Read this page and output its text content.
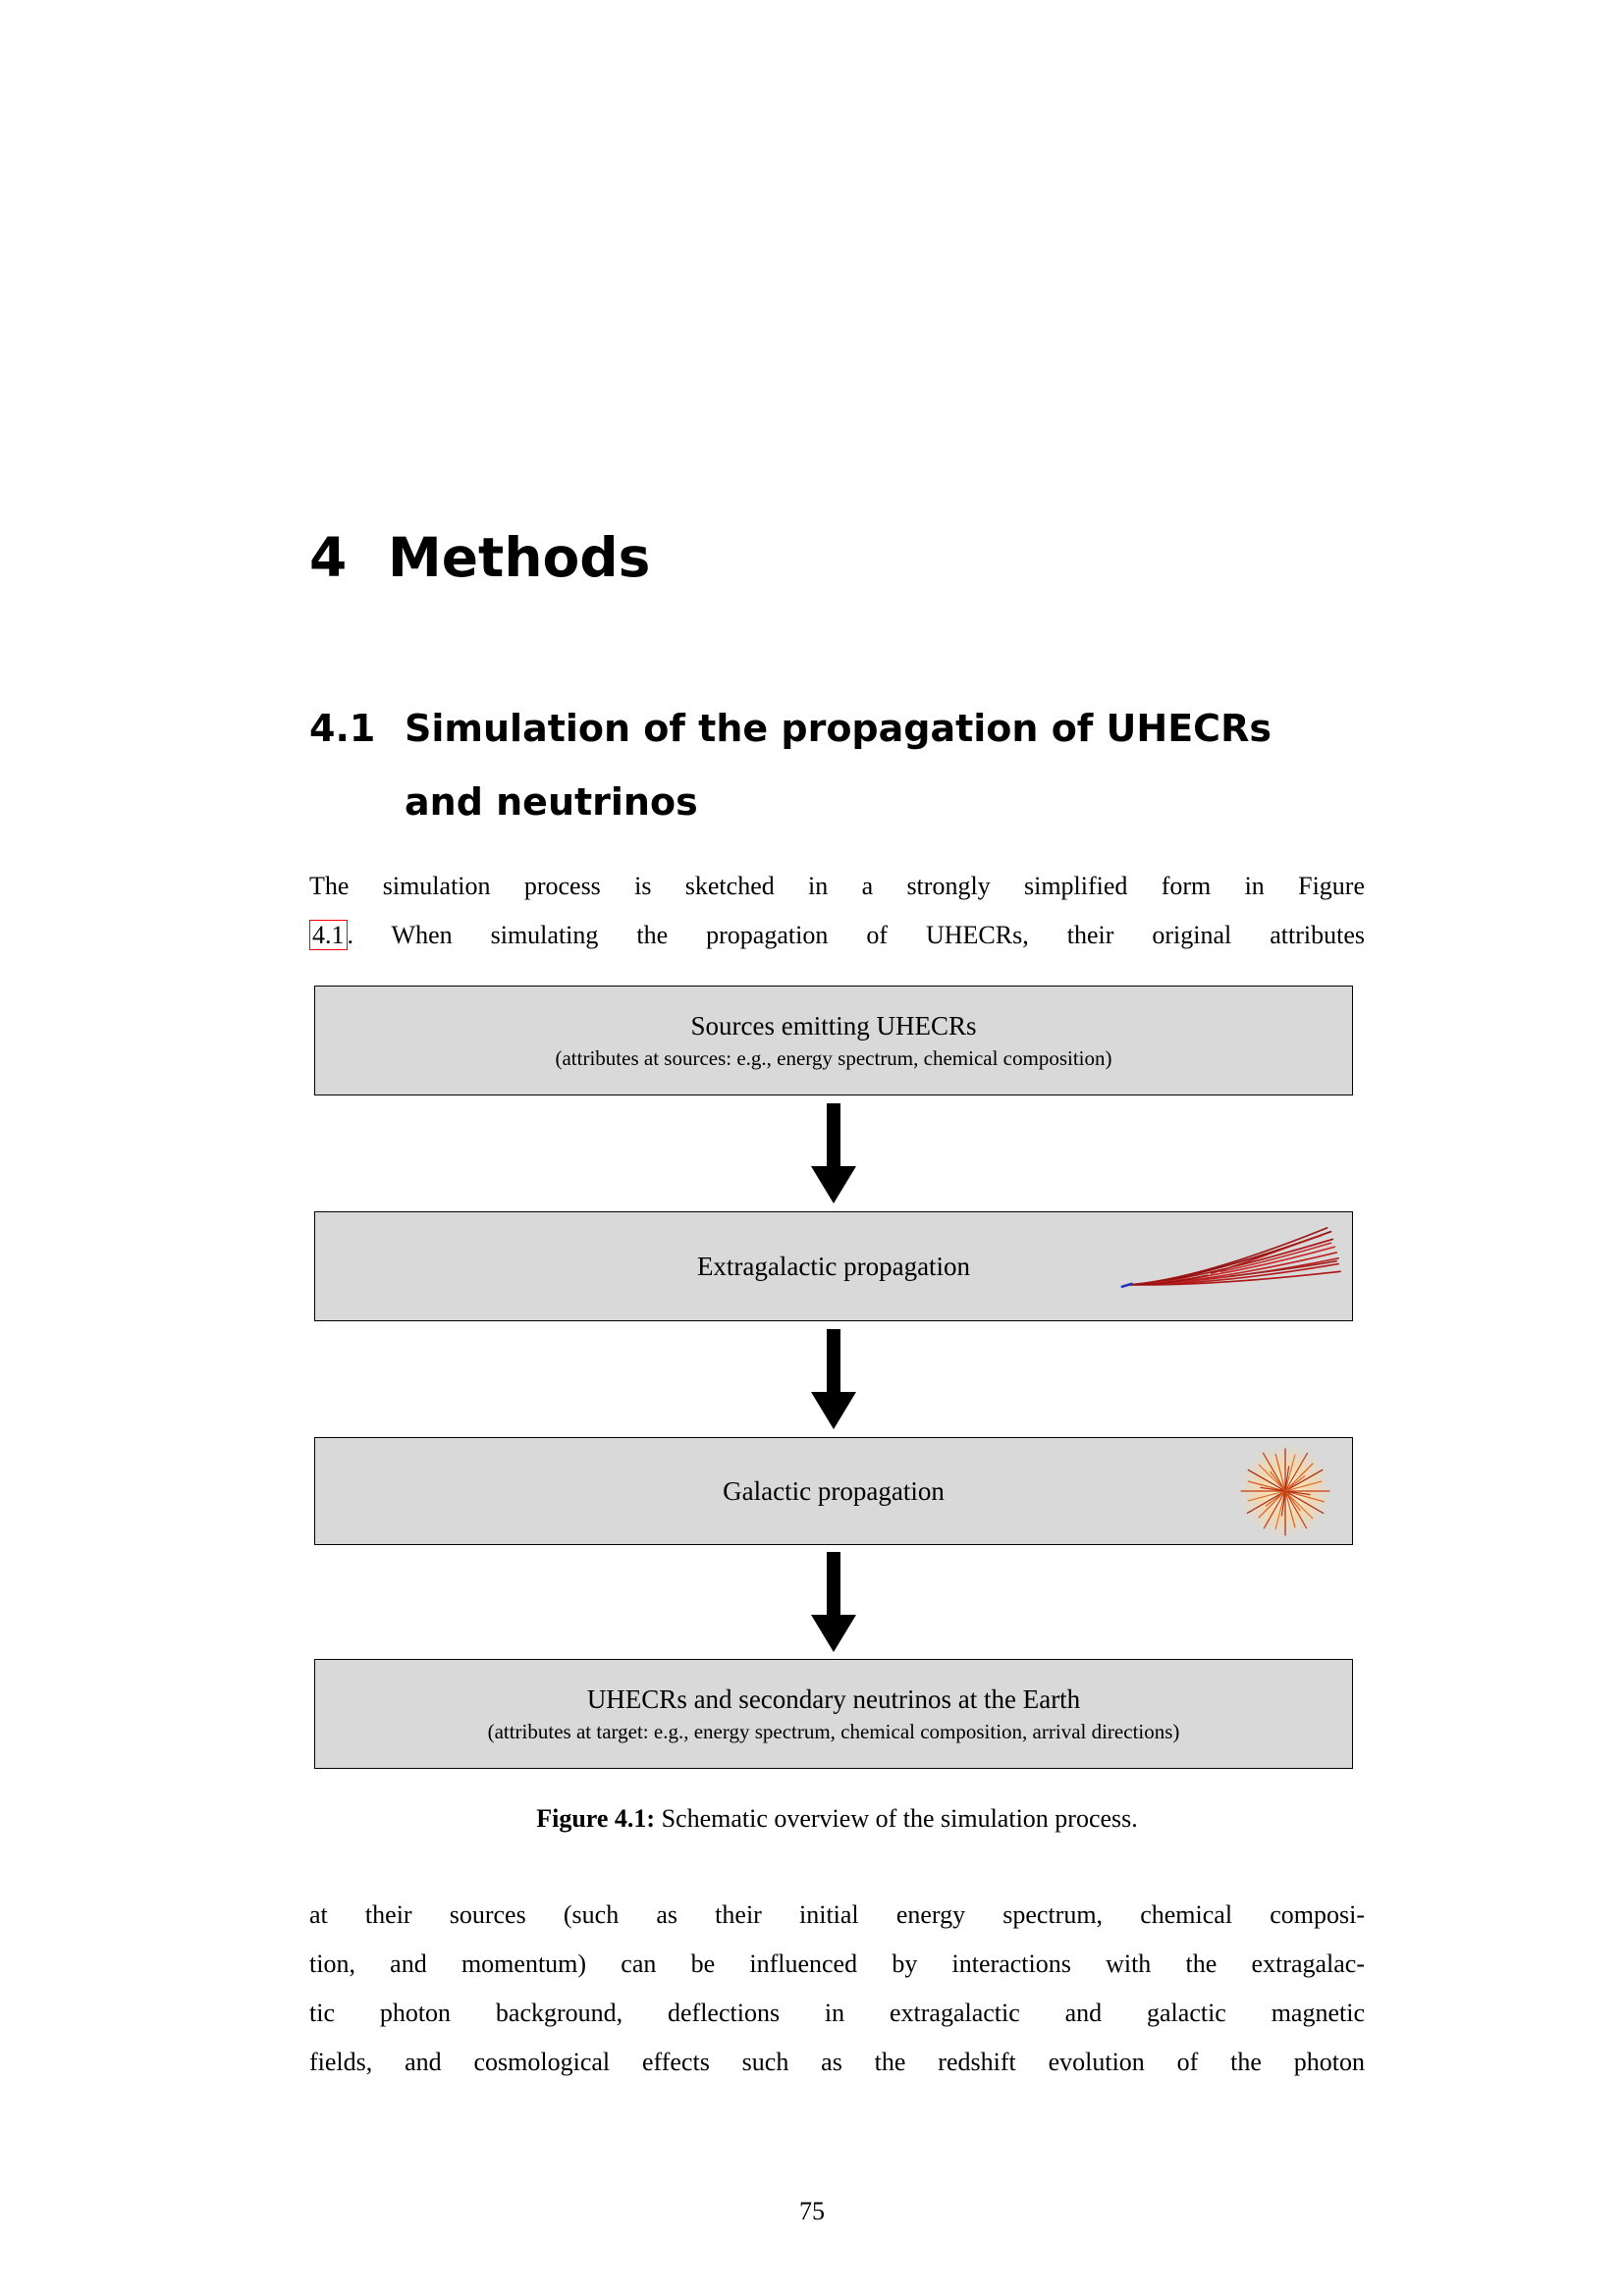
4 Methods
4.1 Simulation of the propagation of UHECRs
and neutrinos
The simulation process is sketched in a strongly simplified form in Figure
4.1 . When simulating the propagation of UHECRs, their original attributes
Sources emitting UHECRs
(attributes at sources: e.g., energy spectrum, chemical composition)
Extragalactic propagation
Galactic propagation
UHECRs and secondary neutrinos at the Earth
(attributes at target: e.g., energy spectrum, chemical composition, arrival directions)
Figure 4.1: Schematic overview of the simulation process.
at their sources (such as their initial energy spectrum, chemical composi-
tion, and momentum) can be influenced by interactions with the extragalac-
tic photon background, deflections in extragalactic and galactic magnetic
fields, and cosmological effects such as the redshift evolution of the photon
75
